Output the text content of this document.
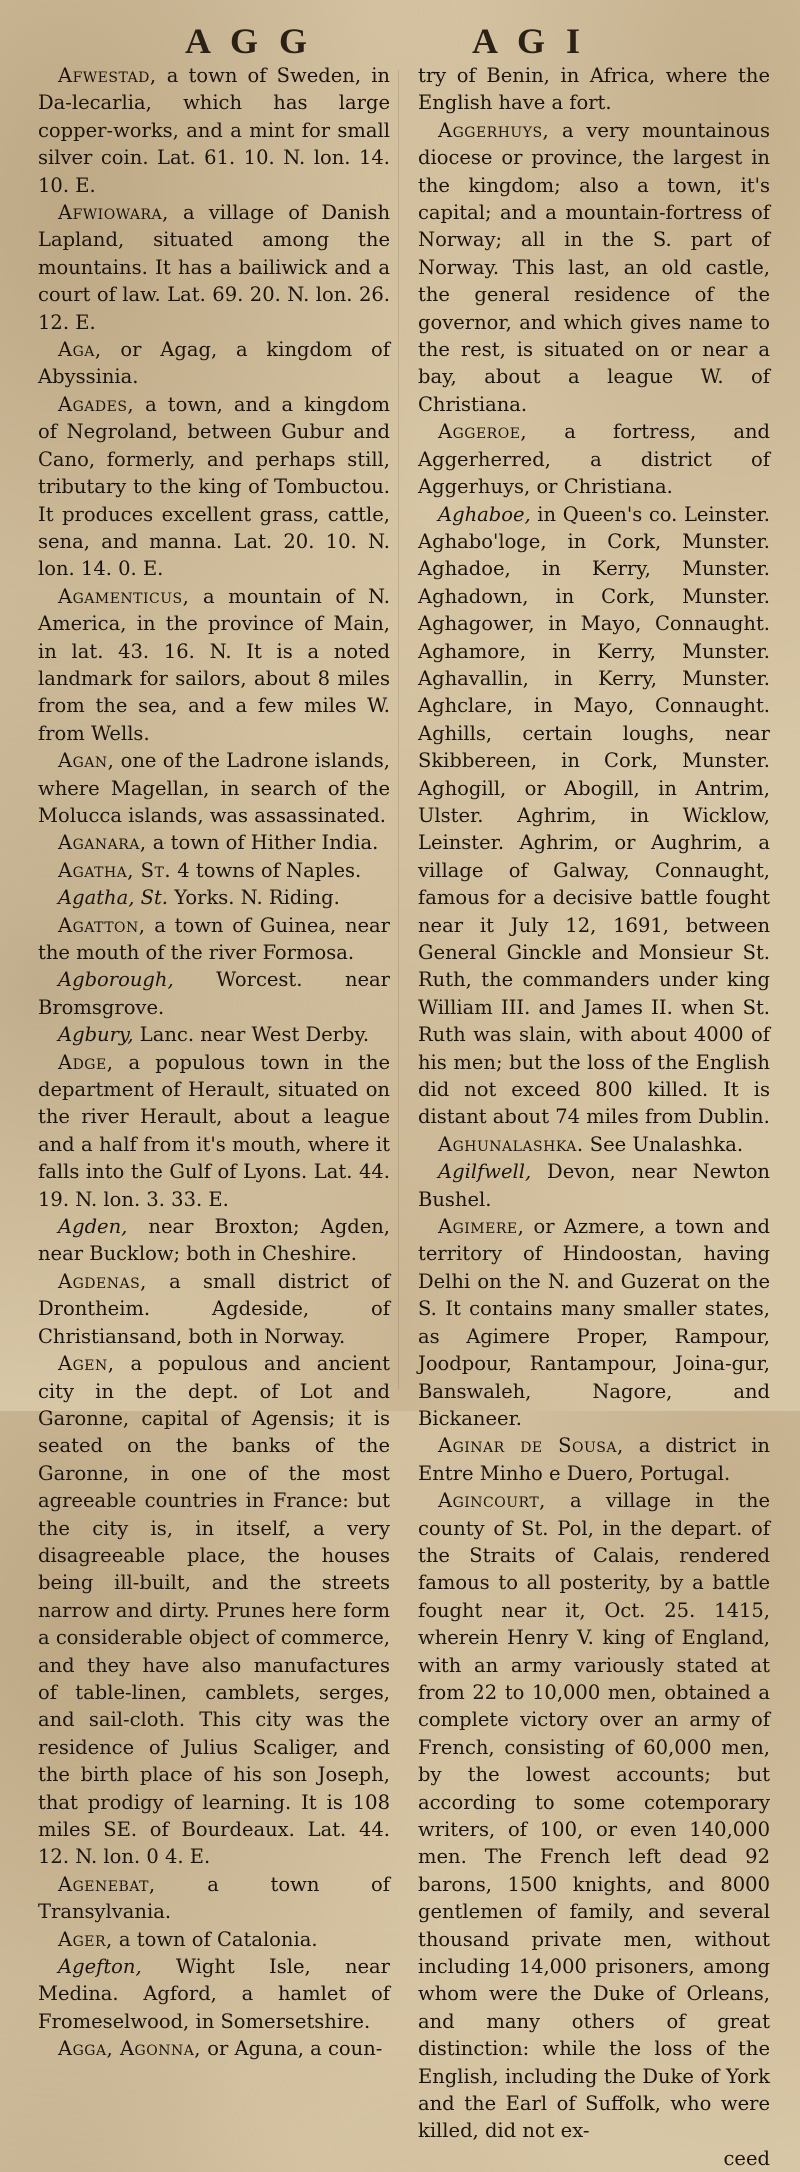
A G G	A G I

Afwestad, a town of Sweden, in Da-lecarlia, which has large copper-works, and a mint for small silver coin. Lat. 61. 10. N. lon. 14. 10. E.

Afwiowara, a village of Danish Lapland, situated among the mountains. It has a bailiwick and a court of law. Lat. 69. 20. N. lon. 26. 12. E.

Aga, or Agag, a kingdom of Abyssinia.

Agades, a town, and a kingdom of Negroland, between Gubur and Cano, formerly, and perhaps still, tributary to the king of Tombuctou. It produces excellent grass, cattle, sena, and manna. Lat. 20. 10. N. lon. 14. 0. E.

Agamenticus, a mountain of N. America, in the province of Main, in lat. 43. 16. N. It is a noted landmark for sailors, about 8 miles from the sea, and a few miles W. from Wells.

Agan, one of the Ladrone islands, where Magellan, in search of the Molucca islands, was assassinated.

Aganara, a town of Hither India.

Agatha, St. 4 towns of Naples.

Agatha, St. Yorks. N. Riding.

Agatton, a town of Guinea, near the mouth of the river Formosa.

Agborough, Worcest. near Bromsgrove.

Agbury, Lanc. near West Derby.

Adge, a populous town in the department of Herault, situated on the river Herault, about a league and a half from it's mouth, where it falls into the Gulf of Lyons. Lat. 44. 19. N. lon. 3. 33. E.

Agden, near Broxton; Agden, near Bucklow; both in Cheshire.

Agdenas, a small district of Drontheim. Agdeside, of Christiansand, both in Norway.

Agen, a populous and ancient city in the dept. of Lot and Garonne, capital of Agensis; it is seated on the banks of the Garonne, in one of the most agreeable countries in France: but the city is, in itself, a very disagreeable place, the houses being ill-built, and the streets narrow and dirty. Prunes here form a considerable object of commerce, and they have also manufactures of table-linen, camblets, serges, and sail-cloth. This city was the residence of Julius Scaliger, and the birth place of his son Joseph, that prodigy of learning. It is 108 miles SE. of Bourdeaux. Lat. 44. 12. N. lon. 0 4. E.

Agenebat, a town of Transylvania.

Ager, a town of Catalonia.

Agefton, Wight Isle, near Medina. Agford, a hamlet of Fromeselwood, in Somersetshire.

Agga, Agonna, or Aguna, a coun-

try of Benin, in Africa, where the English have a fort.

Aggerhuys, a very mountainous diocese or province, the largest in the kingdom; also a town, it's capital; and a mountain-fortress of Norway; all in the S. part of Norway. This last, an old castle, the general residence of the governor, and which gives name to the rest, is situated on or near a bay, about a league W. of Christiana.

Aggeroe, a fortress, and Aggerherred, a district of Aggerhuys, or Christiana.

Aghaboe, in Queen's co. Leinster. Aghabo'loge, in Cork, Munster. Aghadoe, in Kerry, Munster. Aghadown, in Cork, Munster. Aghagower, in Mayo, Connaught. Aghamore, in Kerry, Munster. Aghavallin, in Kerry, Munster. Aghclare, in Mayo, Connaught. Aghills, certain loughs, near Skibbereen, in Cork, Munster. Aghogill, or Abogill, in Antrim, Ulster. Aghrim, in Wicklow, Leinster. Aghrim, or Aughrim, a village of Galway, Connaught, famous for a decisive battle fought near it July 12, 1691, between General Ginckle and Monsieur St. Ruth, the commanders under king William III. and James II. when St. Ruth was slain, with about 4000 of his men; but the loss of the English did not exceed 800 killed. It is distant about 74 miles from Dublin.

Aghunalashka. See Unalashka.

Agilfwell, Devon, near Newton Bushel.

Agimere, or Azmere, a town and territory of Hindoostan, having Delhi on the N. and Guzerat on the S. It contains many smaller states, as Agimere Proper, Rampour, Joodpour, Rantampour, Joina-gur, Banswaleh, Nagore, and Bickaneer.

Aginar de Sousa, a district in Entre Minho e Duero, Portugal.

Agincourt, a village in the county of St. Pol, in the depart. of the Straits of Calais, rendered famous to all posterity, by a battle fought near it, Oct. 25. 1415, wherein Henry V. king of England, with an army variously stated at from 22 to 10,000 men, obtained a complete victory over an army of French, consisting of 60,000 men, by the lowest accounts; but according to some cotemporary writers, of 100, or even 140,000 men. The French left dead 92 barons, 1500 knights, and 8000 gentlemen of family, and several thousand private men, without including 14,000 prisoners, among whom were the Duke of Orleans, and many others of great distinction: while the loss of the English, including the Duke of York and the Earl of Suffolk, who were killed, did not ex-

ceed
